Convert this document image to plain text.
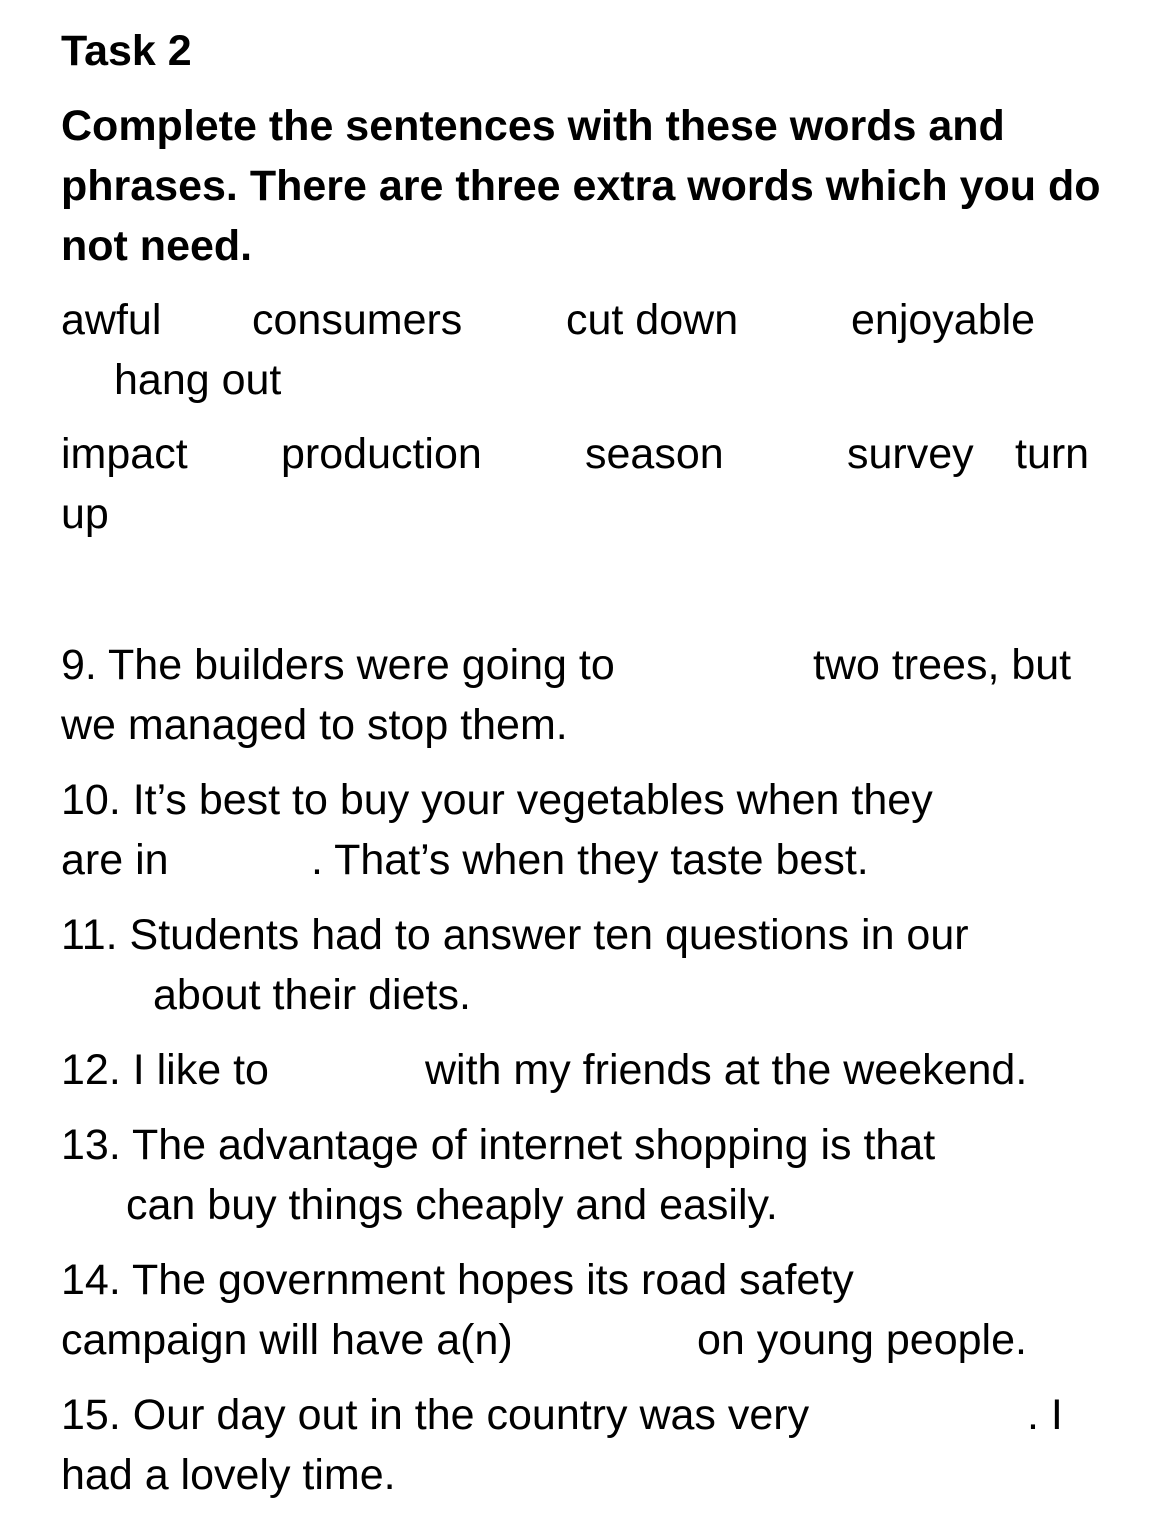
Task 2

Complete the sentences with these words and phrases. There are three extra words which you do not need.

awful consumers cut down	enjoyable
hang out
impact production season	survey turn
up
9. The builders were going to	two trees, but
we managed to stop them.
10. It’s best to buy your vegetables when they
are in	. That’s when they taste best.
11. Students had to answer ten questions in our
about their diets.
12. I like to	with my friends at the weekend.
13. The advantage of internet shopping is that
can buy things cheaply and easily.
14. The government hopes its road safety
campaign will have a(n)	on young people.
15. Our day out in the country was very	. I
had a lovely time.
